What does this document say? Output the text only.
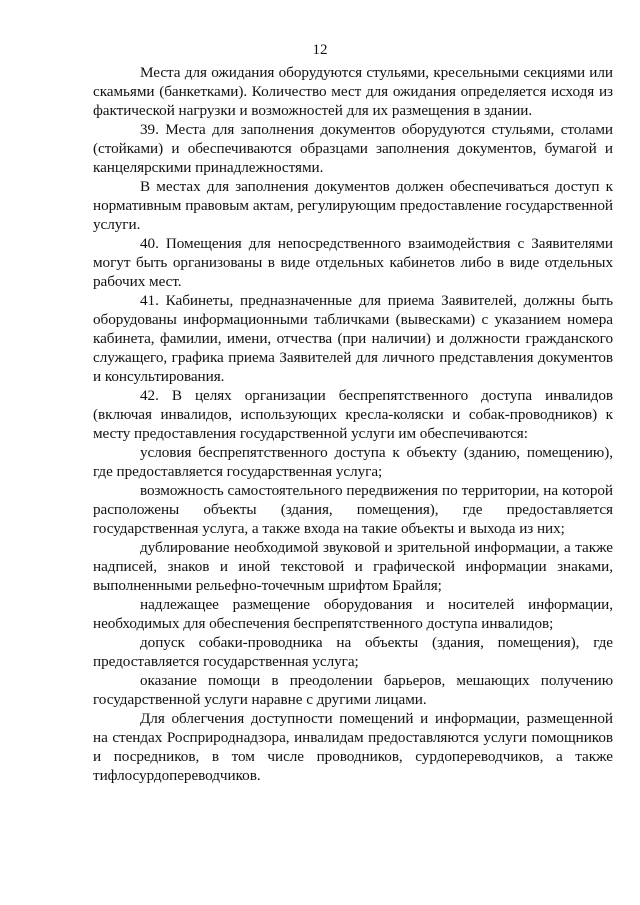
12

Места для ожидания оборудуются стульями, кресельными секциями или скамьями (банкетками). Количество мест для ожидания определяется исходя из фактической нагрузки и возможностей для их размещения в здании.

39. Места для заполнения документов оборудуются стульями, столами (стойками) и обеспечиваются образцами заполнения документов, бумагой и канцелярскими принадлежностями.

В местах для заполнения документов должен обеспечиваться доступ к нормативным правовым актам, регулирующим предоставление государственной услуги.

40. Помещения для непосредственного взаимодействия с Заявителями могут быть организованы в виде отдельных кабинетов либо в виде отдельных рабочих мест.

41. Кабинеты, предназначенные для приема Заявителей, должны быть оборудованы информационными табличками (вывесками) с указанием номера кабинета, фамилии, имени, отчества (при наличии) и должности гражданского служащего, графика приема Заявителей для личного представления документов и консультирования.

42. В целях организации беспрепятственного доступа инвалидов (включая инвалидов, использующих кресла-коляски и собак-проводников) к месту предоставления государственной услуги им обеспечиваются:

условия беспрепятственного доступа к объекту (зданию, помещению), где предоставляется государственная услуга;

возможность самостоятельного передвижения по территории, на которой расположены объекты (здания, помещения), где предоставляется государственная услуга, а также входа на такие объекты и выхода из них;

дублирование необходимой звуковой и зрительной информации, а также надписей, знаков и иной текстовой и графической информации знаками, выполненными рельефно-точечным шрифтом Брайля;

надлежащее размещение оборудования и носителей информации, необходимых для обеспечения беспрепятственного доступа инвалидов;

допуск собаки-проводника на объекты (здания, помещения), где предоставляется государственная услуга;

оказание помощи в преодолении барьеров, мешающих получению государственной услуги наравне с другими лицами.

Для облегчения доступности помещений и информации, размещенной на стендах Росприроднадзора, инвалидам предоставляются услуги помощников и посредников, в том числе проводников, сурдопереводчиков, а также тифлосурдопереводчиков.
